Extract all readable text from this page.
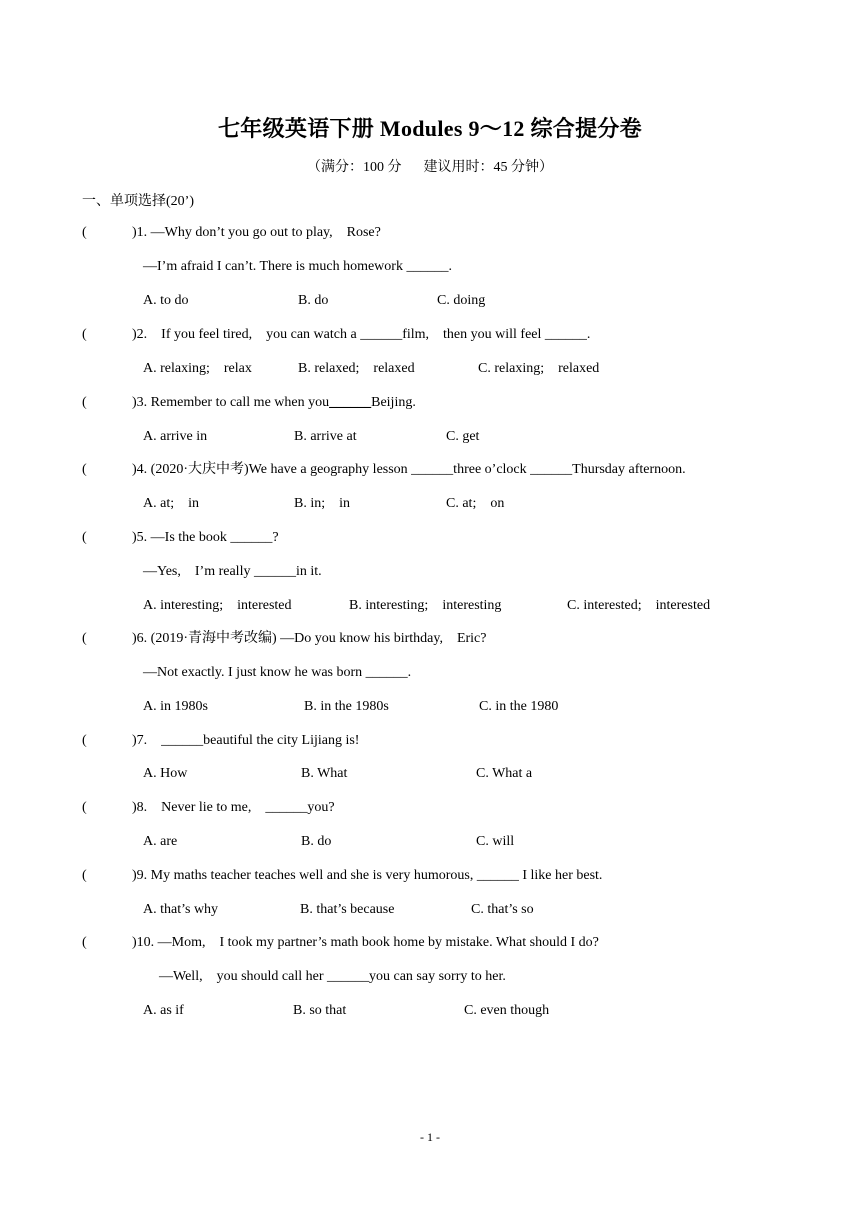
七年级英语下册 Modules 9～12 综合提分卷
（满分：100 分 建议用时：45 分钟）
一、单项选择(20’)
(	)1. —Why don’t you go out to play,　Rose?
—I’m afraid I can’t. There is much homework ______.
A. to do	B. do	C. doing
(	)2.　If you feel tired,　you can watch a ______film,　then you will feel ______.
A. relaxing;　relax	B. relaxed;　relaxed	C. relaxing;　relaxed
(	)3. Remember to call me when you______Beijing.
A. arrive in	B. arrive at	C. get
(	)4. (2020·大庆中考)We have a geography lesson ______three o’clock ______Thursday afternoon.
A. at;　in	B. in;　in	C. at;　on
(	)5. —Is the book ______?
—Yes,　I’m really ______in it.
A. interesting;　interested	B. interesting;　interesting	C. interested;　interested
(	)6. (2019·青海中考改编) —Do you know his birthday,　Eric?
—Not exactly. I just know he was born ______.
A. in 1980s	B. in the 1980s	C. in the 1980
(	)7.　______beautiful the city Lijiang is!
A. How	B. What	C. What a
(	)8.　Never lie to me,　______you?
A. are	B. do	C. will
(	)9. My maths teacher teaches well and she is very humorous, ______ I like her best.
A. that’s why	B. that’s because	C. that’s so
(	)10. —Mom,　I took my partner’s math book home by mistake. What should I do?
—Well,　you should call her ______you can say sorry to her.
A. as if	B. so that	C. even though
- 1 -
